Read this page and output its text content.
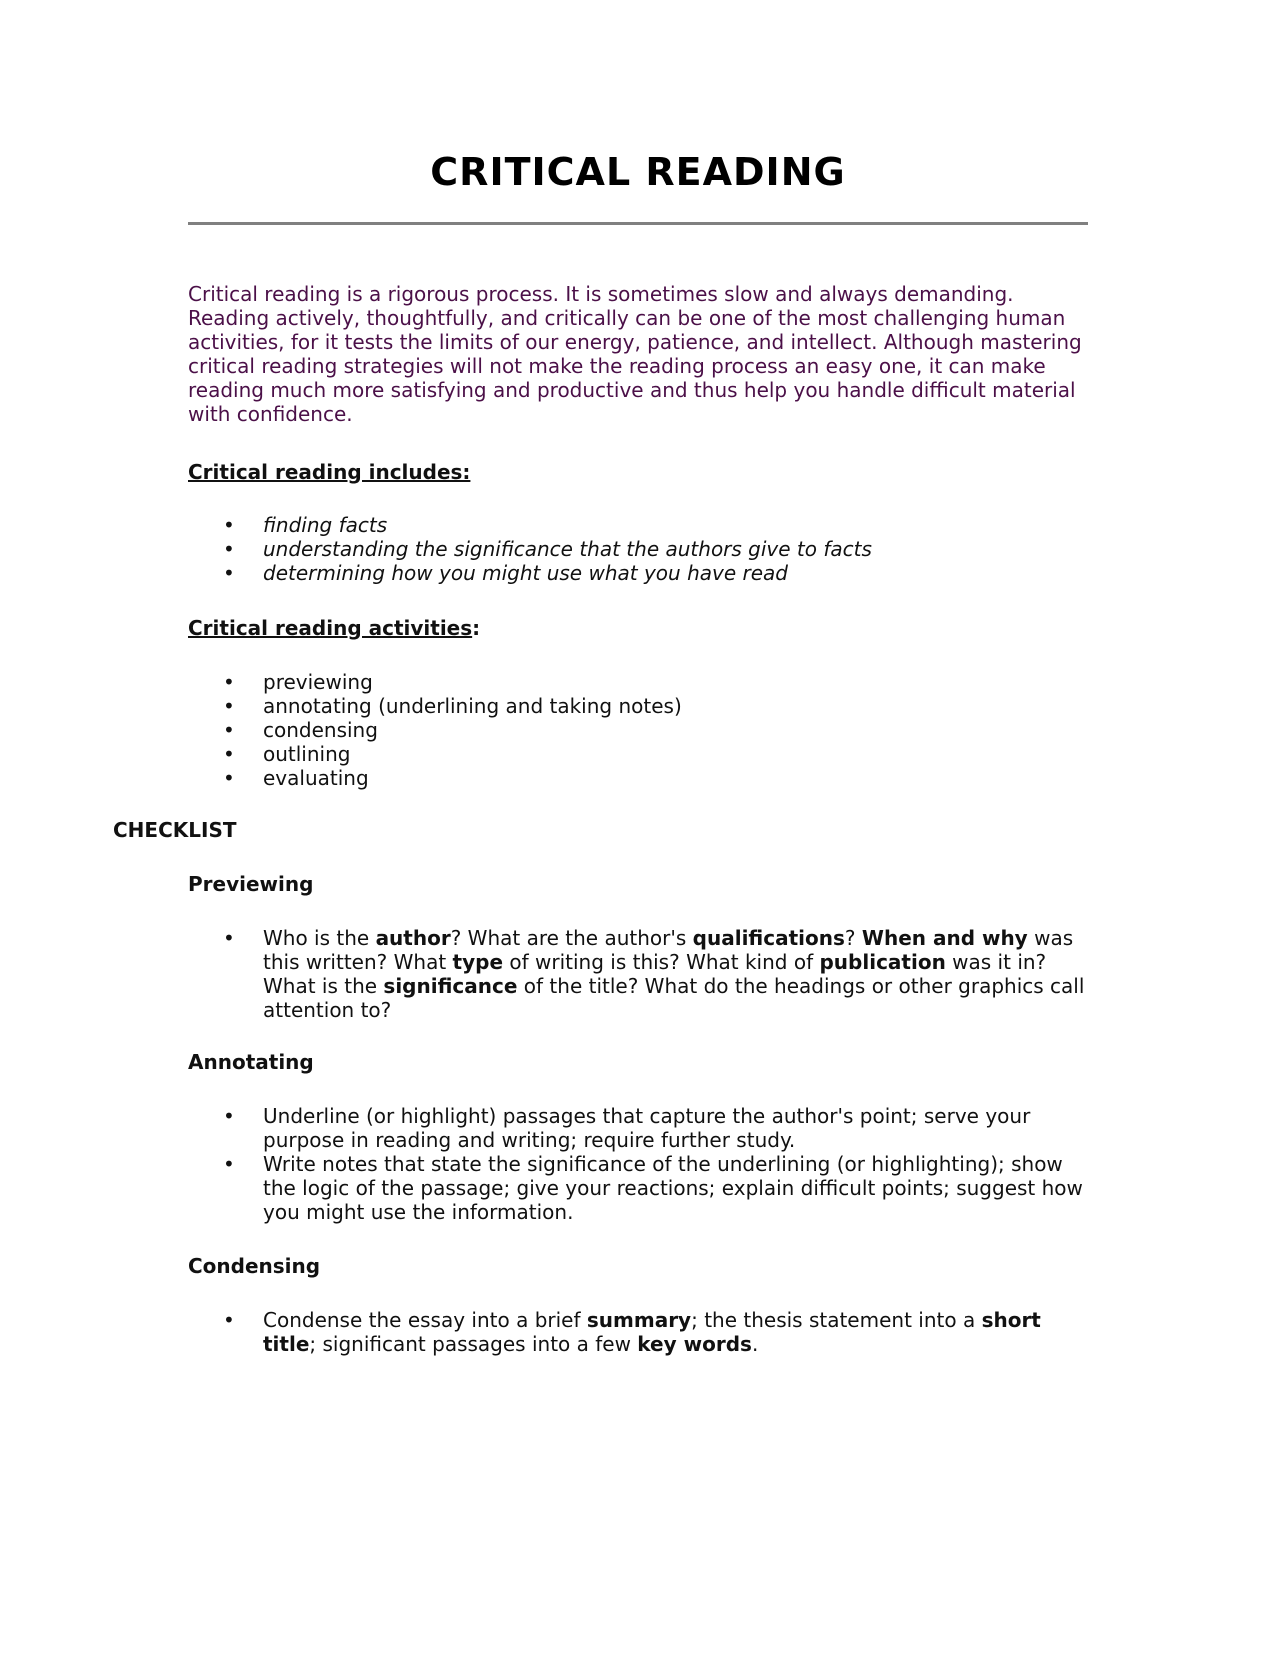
CRITICAL READING

Critical reading is a rigorous process. It is sometimes slow and always demanding. Reading actively, thoughtfully, and critically can be one of the most challenging human activities, for it tests the limits of our energy, patience, and intellect. Although mastering critical reading strategies will not make the reading process an easy one, it can make reading much more satisfying and productive and thus help you handle difficult material with confidence.

Critical reading includes:

• finding facts
• understanding the significance that the authors give to facts
• determining how you might use what you have read

Critical reading activities:

• previewing
• annotating (underlining and taking notes)
• condensing
• outlining
• evaluating

CHECKLIST

Previewing

• Who is the author? What are the author's qualifications? When and why was this written? What type of writing is this? What kind of publication was it in? What is the significance of the title? What do the headings or other graphics call attention to?

Annotating

• Underline (or highlight) passages that capture the author's point; serve your purpose in reading and writing; require further study.
• Write notes that state the significance of the underlining (or highlighting); show the logic of the passage; give your reactions; explain difficult points; suggest how you might use the information.

Condensing

• Condense the essay into a brief summary; the thesis statement into a short title; significant passages into a few key words.
